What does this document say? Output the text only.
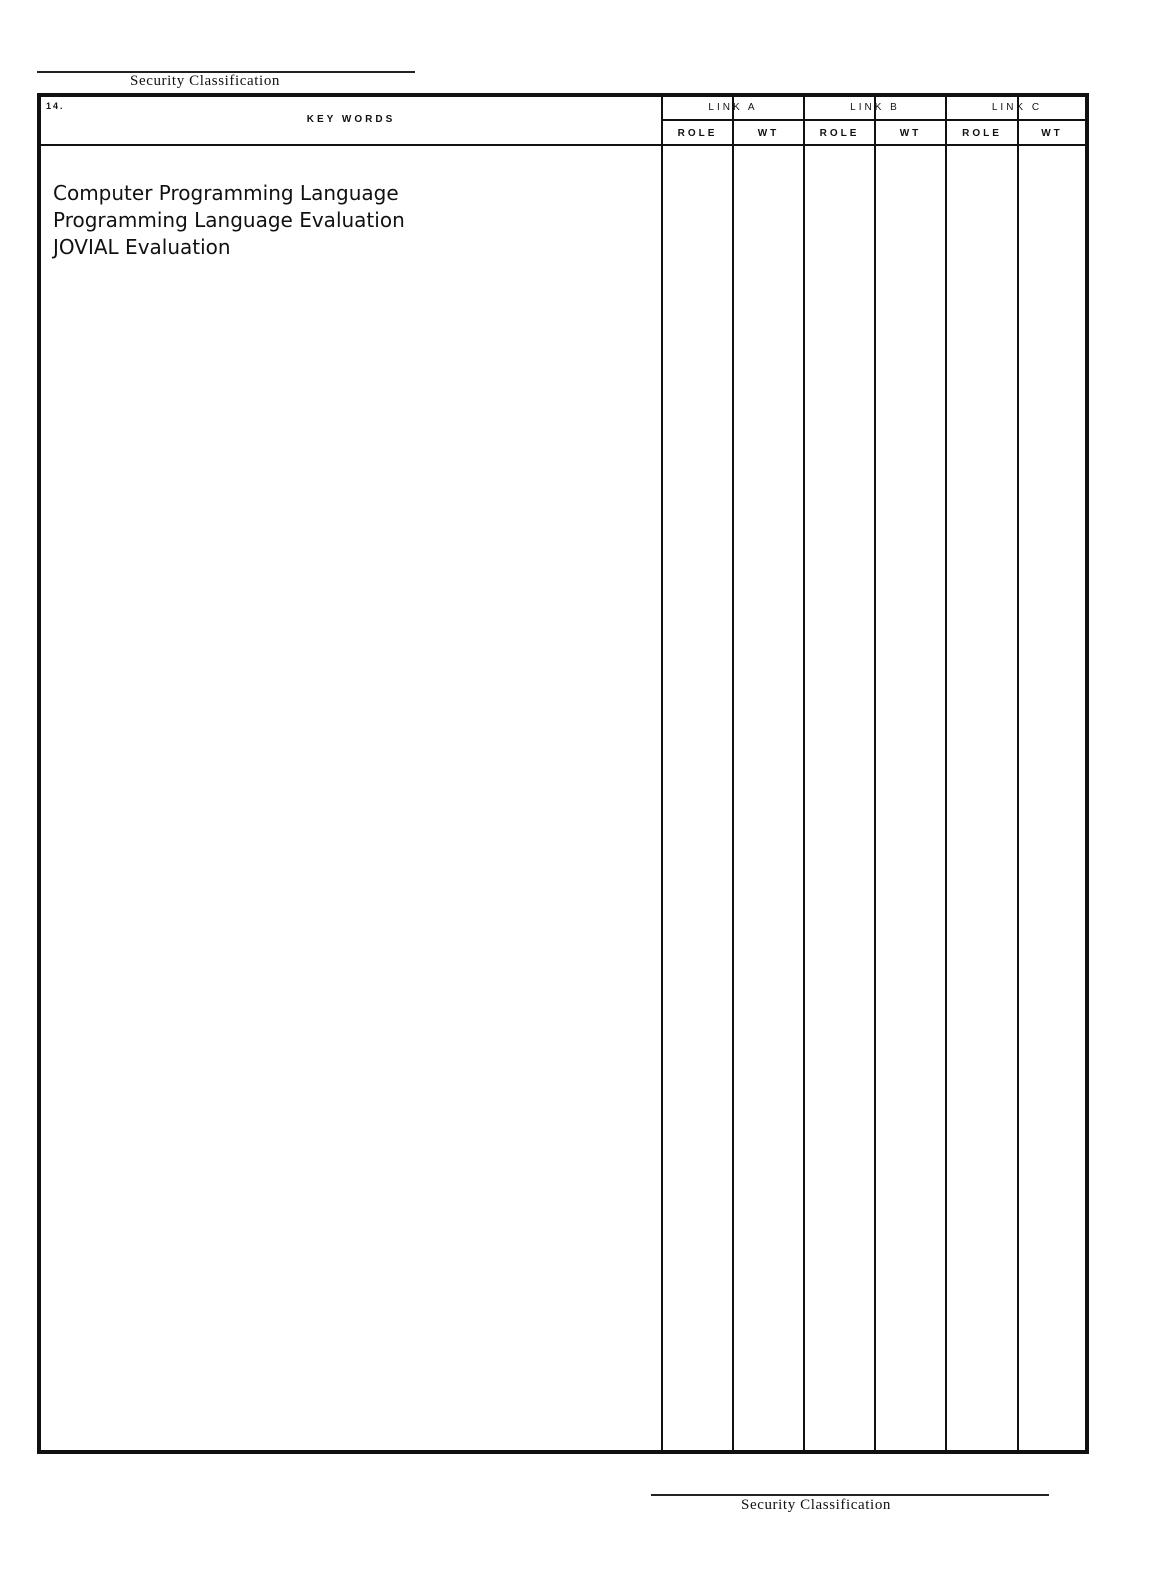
Security Classification
14.
KEY WORDS
LINK A	LINK B	LINK C
ROLE	WT	ROLE	WT	ROLE	WT
Computer Programming Language
Programming Language Evaluation
JOVIAL Evaluation
Security Classification
